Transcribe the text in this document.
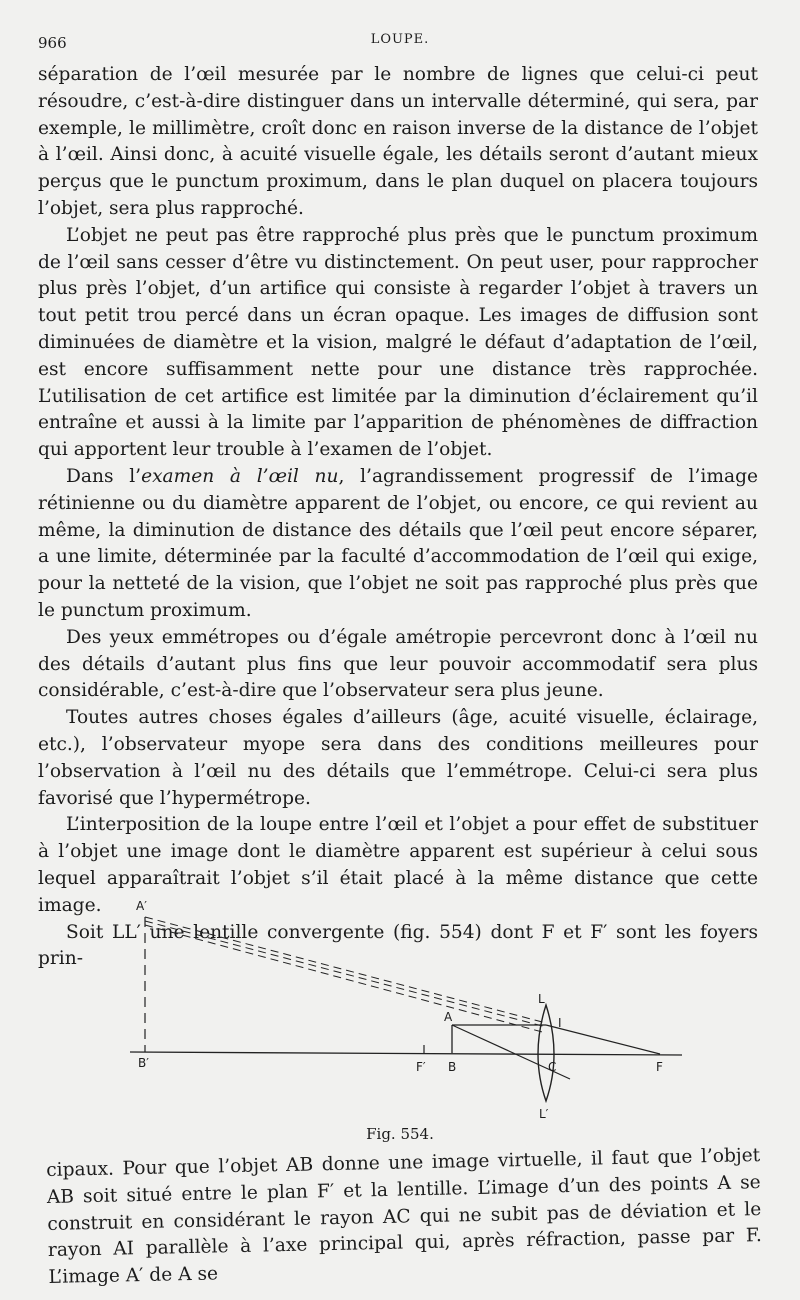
966	LOUPE.

séparation de l’œil mesurée par le nombre de lignes que celui-ci peut résoudre, c’est-à-dire distinguer dans un intervalle déterminé, qui sera, par exemple, le millimètre, croît donc en raison inverse de la distance de l’objet à l’œil. Ainsi donc, à acuité visuelle égale, les détails seront d’autant mieux perçus que le punctum proximum, dans le plan duquel on placera toujours l’objet, sera plus rapproché.

L’objet ne peut pas être rapproché plus près que le punctum proximum de l’œil sans cesser d’être vu distinctement. On peut user, pour rapprocher plus près l’objet, d’un artifice qui consiste à regarder l’objet à travers un tout petit trou percé dans un écran opaque. Les images de diffusion sont diminuées de diamètre et la vision, malgré le défaut d’adaptation de l’œil, est encore suffisamment nette pour une distance très rapprochée. L’utilisation de cet artifice est limitée par la diminution d’éclairement qu’il entraîne et aussi à la limite par l’apparition de phénomènes de diffraction qui apportent leur trouble à l’examen de l’objet.

Dans l’examen à l’œil nu, l’agrandissement progressif de l’image rétinienne ou du diamètre apparent de l’objet, ou encore, ce qui revient au même, la diminution de distance des détails que l’œil peut encore séparer, a une limite, déterminée par la faculté d’accommodation de l’œil qui exige, pour la netteté de la vision, que l’objet ne soit pas rapproché plus près que le punctum proximum.

Des yeux emmétropes ou d’égale amétropie percevront donc à l’œil nu des détails d’autant plus fins que leur pouvoir accommodatif sera plus considérable, c’est-à-dire que l’observateur sera plus jeune.

Toutes autres choses égales d’ailleurs (âge, acuité visuelle, éclairage, etc.), l’observateur myope sera dans des conditions meilleures pour l’observation à l’œil nu des détails que l’emmétrope. Celui-ci sera plus favorisé que l’hypermétrope.

L’interposition de la loupe entre l’œil et l’objet a pour effet de substituer à l’objet une image dont le diamètre apparent est supérieur à celui sous lequel apparaîtrait l’objet s’il était placé à la même distance que cette image.

Soit LL′ une lentille convergente (fig. 554) dont F et F′ sont les foyers prin-

A′
B′
A
B
F′	C	F
L
L′
I
Fig. 554.

cipaux. Pour que l’objet AB donne une image virtuelle, il faut que l’objet AB soit situé entre le plan F′ et la lentille. L’image d’un des points A se construit en considérant le rayon AC qui ne subit pas de déviation et le rayon AI parallèle à l’axe principal qui, après réfraction, passe par F. L’image A′ de A se
